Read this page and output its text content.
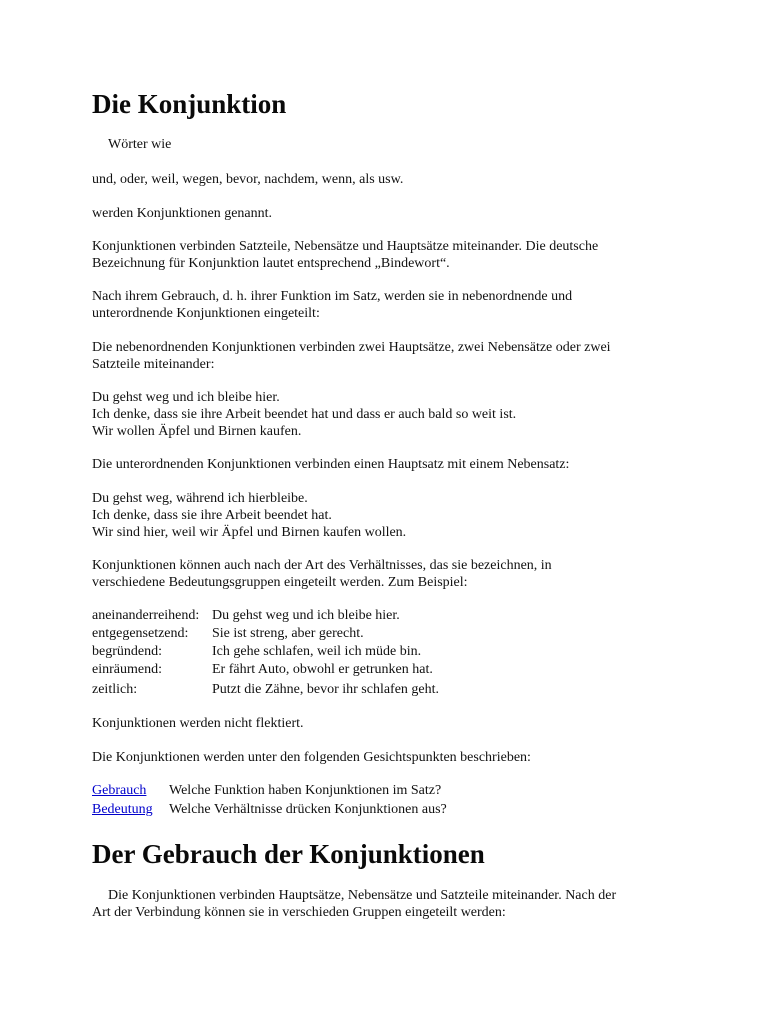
Die Konjunktion
Wörter wie
und, oder, weil, wegen, bevor, nachdem, wenn, als usw.
werden Konjunktionen genannt.
Konjunktionen verbinden Satzteile, Nebensätze und Hauptsätze miteinander. Die deutsche
Bezeichnung für Konjunktion lautet entsprechend „Bindewort“.
Nach ihrem Gebrauch, d. h. ihrer Funktion im Satz, werden sie in nebenordnende und
unterordnende Konjunktionen eingeteilt:
Die nebenordnenden Konjunktionen verbinden zwei Hauptsätze, zwei Nebensätze oder zwei
Satzteile miteinander:
Du gehst weg und ich bleibe hier.
Ich denke, dass sie ihre Arbeit beendet hat und dass er auch bald so weit ist.
Wir wollen Äpfel und Birnen kaufen.
Die unterordnenden Konjunktionen verbinden einen Hauptsatz mit einem Nebensatz:
Du gehst weg, während ich hierbleibe.
Ich denke, dass sie ihre Arbeit beendet hat.
Wir sind hier, weil wir Äpfel und Birnen kaufen wollen.
Konjunktionen können auch nach der Art des Verhältnisses, das sie bezeichnen, in
verschiedene Bedeutungsgruppen eingeteilt werden. Zum Beispiel:
aneinanderreihend: Du gehst weg und ich bleibe hier.
entgegensetzend: Sie ist streng, aber gerecht.
begründend:	Ich gehe schlafen, weil ich müde bin.
einräumend:	Er fährt Auto, obwohl er getrunken hat.
zeitlich:	Putzt die Zähne, bevor ihr schlafen geht.
Konjunktionen werden nicht flektiert.
Die Konjunktionen werden unter den folgenden Gesichtspunkten beschrieben:
Gebrauch Welche Funktion haben Konjunktionen im Satz?
Bedeutung Welche Verhältnisse drücken Konjunktionen aus?
Der Gebrauch der Konjunktionen
Die Konjunktionen verbinden Hauptsätze, Nebensätze und Satzteile miteinander. Nach der
Art der Verbindung können sie in verschieden Gruppen eingeteilt werden:
